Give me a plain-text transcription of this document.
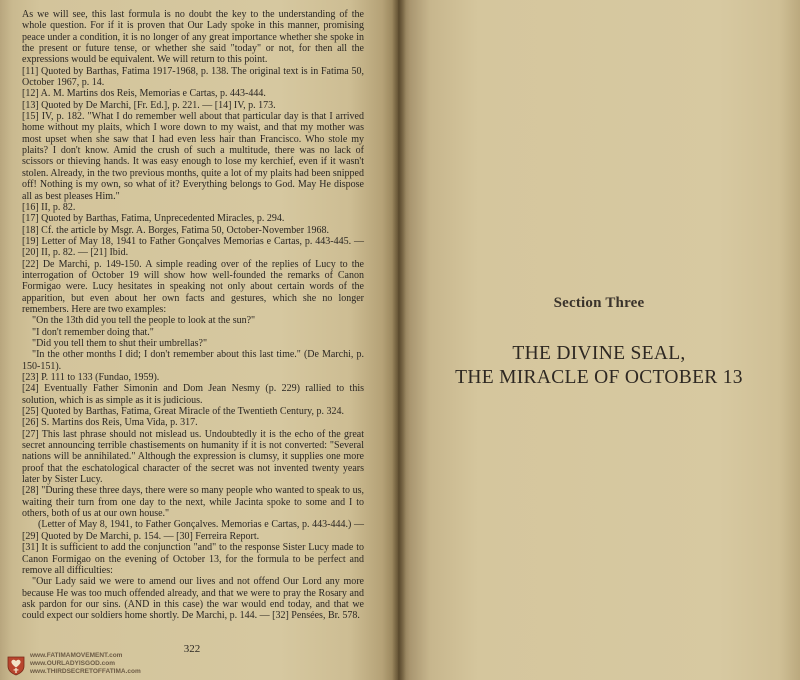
As we will see, this last formula is no doubt the key to the understanding of the whole question. For if it is proven that Our Lady spoke in this manner, promising peace under a condition, it is no longer of any great importance whether she spoke in the present or future tense, or whether she said "today" or not, for then all the expressions would be equivalent. We will return to this point.

[11] Quoted by Barthas, Fatima 1917-1968, p. 138. The original text is in Fatima 50, October 1967, p. 14.

[12] A. M. Martins dos Reis, Memorias e Cartas, p. 443-444.

[13] Quoted by De Marchi, [Fr. Ed.], p. 221. — [14] IV, p. 173.

[15] IV, p. 182. "What I do remember well about that particular day is that I arrived home without my plaits, which I wore down to my waist, and that my mother was most upset when she saw that I had even less hair than Francisco. Who stole my plaits? I don't know. Amid the crush of such a multitude, there was no lack of scissors or thieving hands. It was easy enough to lose my kerchief, even if it wasn't stolen. Already, in the two previous months, quite a lot of my plaits had been snipped off! Nothing is my own, so what of it? Everything belongs to God. May He dispose all as best pleases Him."

[16] II, p. 82.

[17] Quoted by Barthas, Fatima, Unprecedented Miracles, p. 294.

[18] Cf. the article by Msgr. A. Borges, Fatima 50, October-November 1968.

[19] Letter of May 18, 1941 to Father Gonçalves Memorias e Cartas, p. 443-445. — [20] II, p. 82. — [21] Ibid.

[22] De Marchi, p. 149-150. A simple reading over of the replies of Lucy to the interrogation of October 19 will show how well-founded the remarks of Canon Formigao were. Lucy hesitates in speaking not only about certain words of the apparition, but even about her own facts and gestures, which she no longer remembers. Here are two examples:

"On the 13th did you tell the people to look at the sun?"

"I don't remember doing that."

"Did you tell them to shut their umbrellas?"

"In the other months I did; I don't remember about this last time." (De Marchi, p. 150-151).

[23] P. 111 to 133 (Fundao, 1959).

[24] Eventually Father Simonin and Dom Jean Nesmy (p. 229) rallied to this solution, which is as simple as it is judicious.

[25] Quoted by Barthas, Fatima, Great Miracle of the Twentieth Century, p. 324.

[26] S. Martins dos Reis, Uma Vida, p. 317.

[27] This last phrase should not mislead us. Undoubtedly it is the echo of the great secret announcing terrible chastisements on humanity if it is not converted: "Several nations will be annihilated." Although the expression is clumsy, it supplies one more proof that the eschatological character of the secret was not invented twenty years later by Sister Lucy.

[28] "During these three days, there were so many people who wanted to speak to us, waiting their turn from one day to the next, while Jacinta spoke to some and I to others, both of us at our own house."

(Letter of May 8, 1941, to Father Gonçalves. Memorias e Cartas, p. 443-444.) — [29] Quoted by De Marchi, p. 154. — [30] Ferreira Report.

[31] It is sufficient to add the conjunction "and" to the response Sister Lucy made to Canon Formigao on the evening of October 13, for the formula to be perfect and remove all difficulties:

"Our Lady said we were to amend our lives and not offend Our Lord any more because He was too much offended already, and that we were to pray the Rosary and ask pardon for our sins. (AND in this case) the war would end today, and that we could expect our soldiers home shortly. De Marchi, p. 144. — [32] Pensées, Br. 578.

322
www.FATIMAMOVEMENT.com
www.OURLADYISGOD.com
www.THIRDSECRETOFFATIMA.com
Section Three
THE DIVINE SEAL,
THE MIRACLE OF OCTOBER 13
